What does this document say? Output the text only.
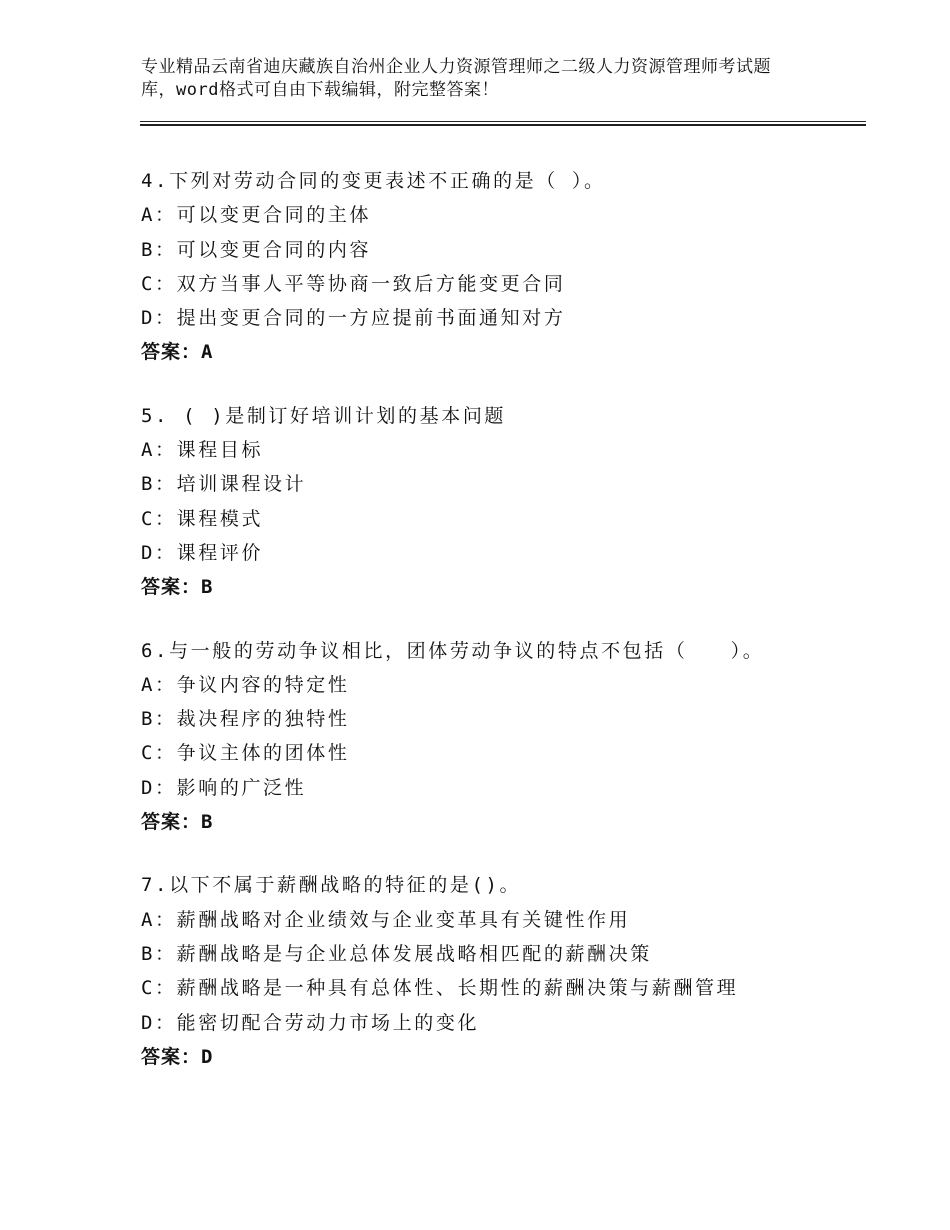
专业精品云南省迪庆藏族自治州企业人力资源管理师之二级人力资源管理师考试题
库，word格式可自由下载编辑，附完整答案！
4.下列对劳动合同的变更表述不正确的是（ ）。
A：可以变更合同的主体
B：可以变更合同的内容
C：双方当事人平等协商一致后方能变更合同
D：提出变更合同的一方应提前书面通知对方
答案：A
5. ( )是制订好培训计划的基本问题
A：课程目标
B：培训课程设计
C：课程模式
D：课程评价
答案：B
6.与一般的劳动争议相比，团体劳动争议的特点不包括（　　）。
A：争议内容的特定性
B：裁决程序的独特性
C：争议主体的团体性
D：影响的广泛性
答案：B
7.以下不属于薪酬战略的特征的是()。
A：薪酬战略对企业绩效与企业变革具有关键性作用
B：薪酬战略是与企业总体发展战略相匹配的薪酬决策
C：薪酬战略是一种具有总体性、长期性的薪酬决策与薪酬管理
D：能密切配合劳动力市场上的变化
答案：D
